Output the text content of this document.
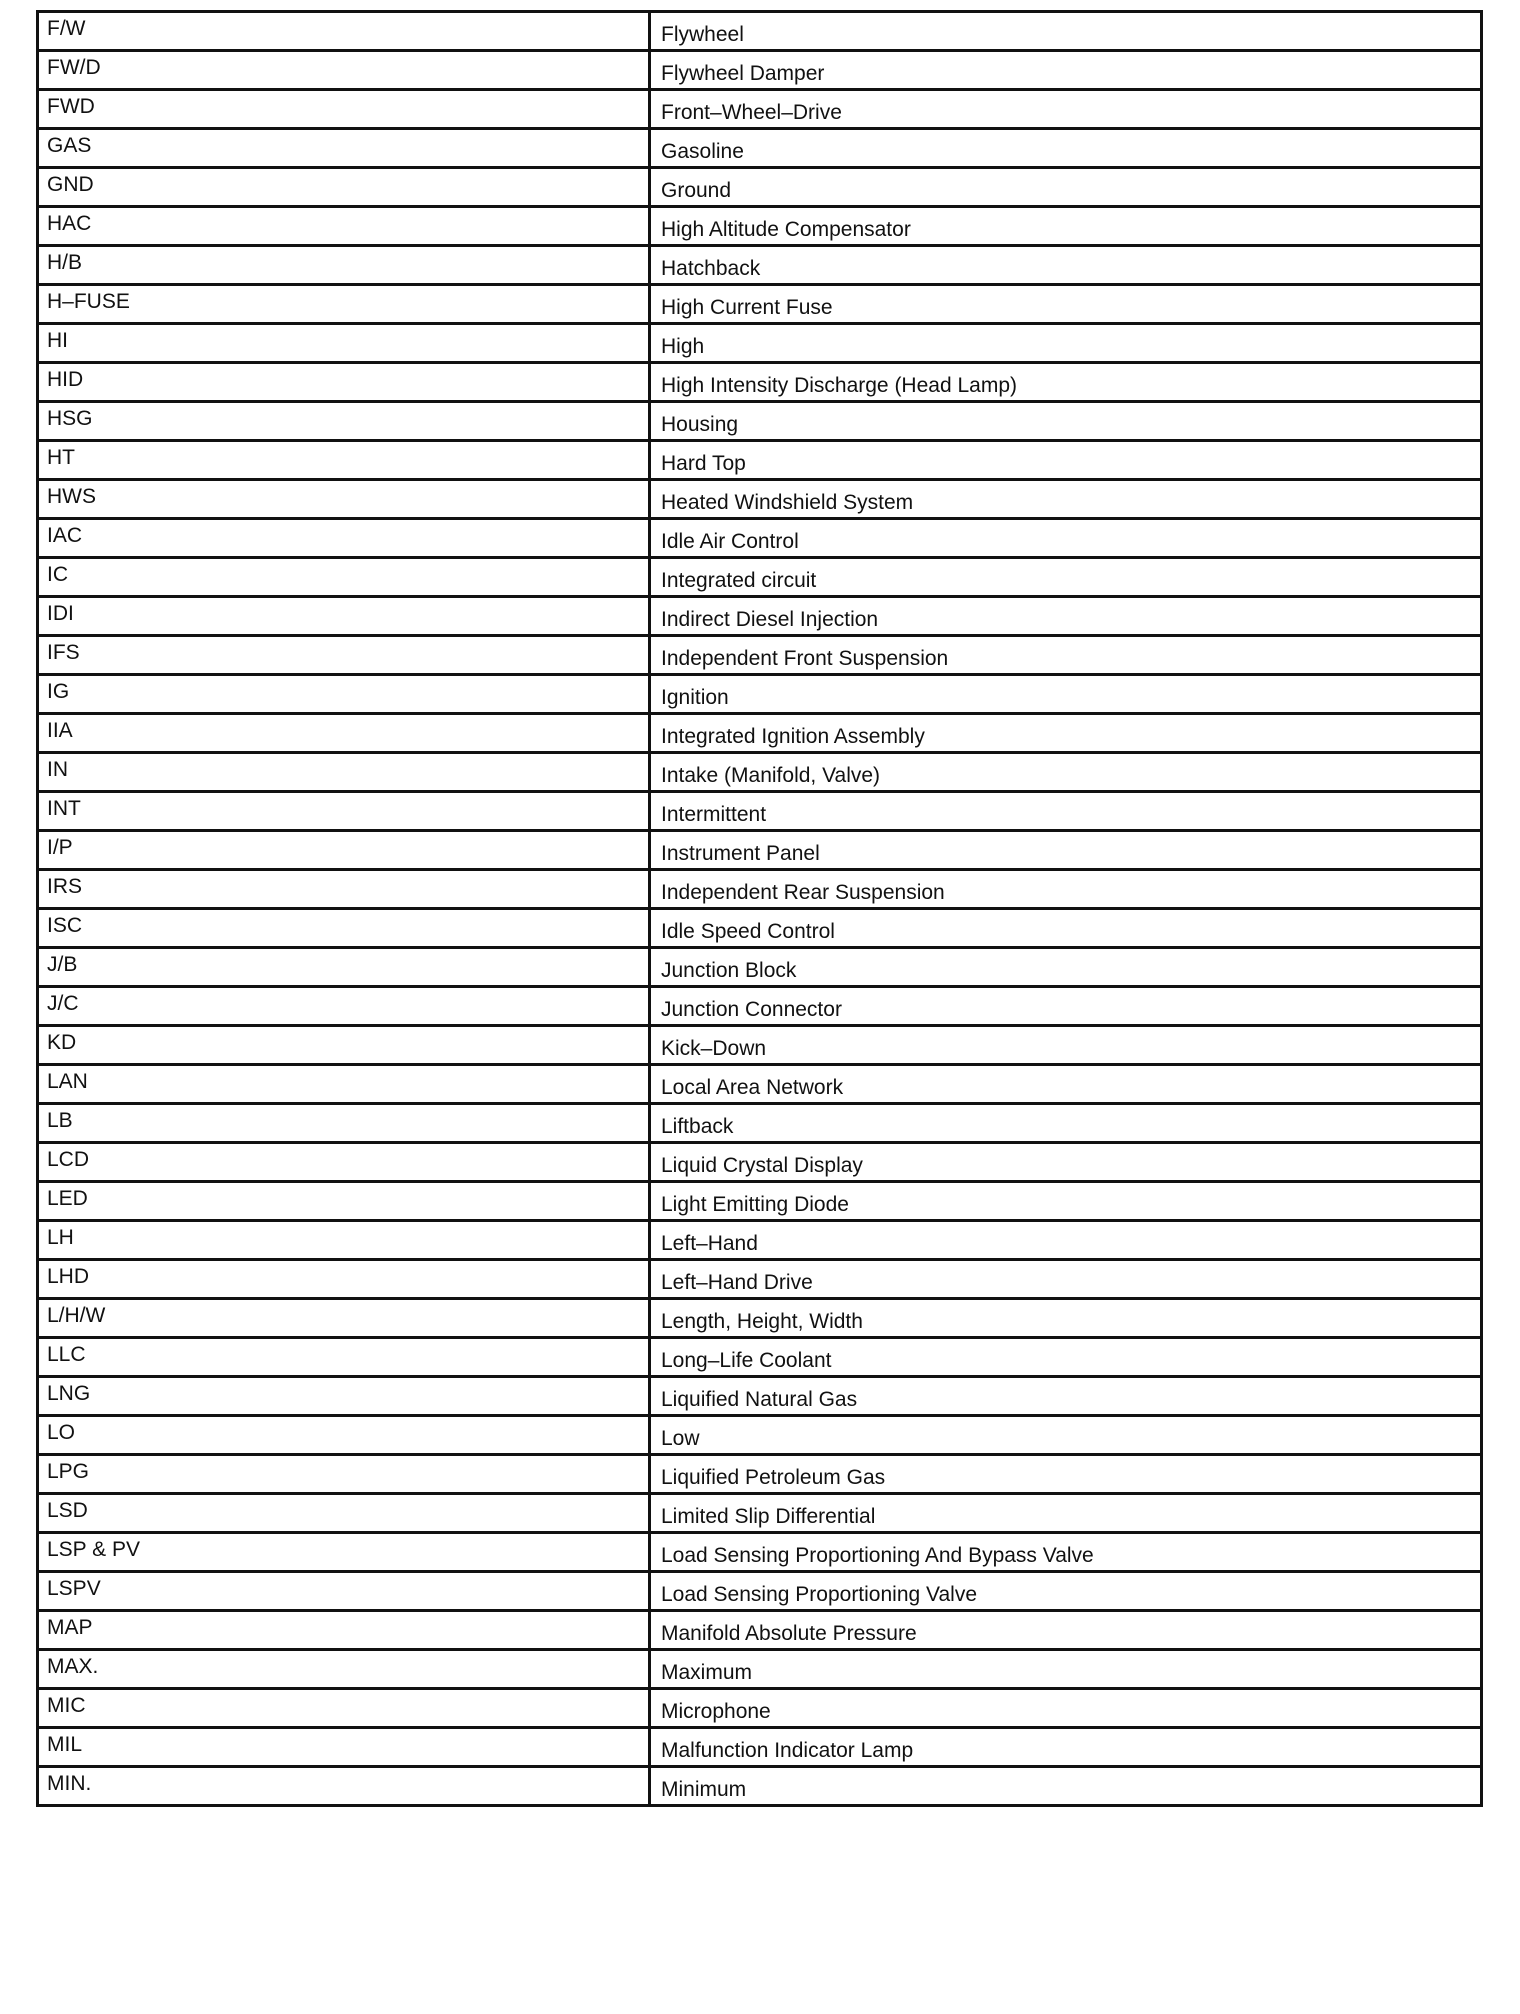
F/W	Flywheel
FW/D	Flywheel Damper
FWD	Front–Wheel–Drive
GAS	Gasoline
GND	Ground
HAC	High Altitude Compensator
H/B	Hatchback
H–FUSE	High Current Fuse
HI	High
HID	High Intensity Discharge (Head Lamp)
HSG	Housing
HT	Hard Top
HWS	Heated Windshield System
IAC	Idle Air Control
IC	Integrated circuit
IDI	Indirect Diesel Injection
IFS	Independent Front Suspension
IG	Ignition
IIA	Integrated Ignition Assembly
IN	Intake (Manifold, Valve)
INT	Intermittent
I/P	Instrument Panel
IRS	Independent Rear Suspension
ISC	Idle Speed Control
J/B	Junction Block
J/C	Junction Connector
KD	Kick–Down
LAN	Local Area Network
LB	Liftback
LCD	Liquid Crystal Display
LED	Light Emitting Diode
LH	Left–Hand
LHD	Left–Hand Drive
L/H/W	Length, Height, Width
LLC	Long–Life Coolant
LNG	Liquified Natural Gas
LO	Low
LPG	Liquified Petroleum Gas
LSD	Limited Slip Differential
LSP & PV	Load Sensing Proportioning And Bypass Valve
LSPV	Load Sensing Proportioning Valve
MAP	Manifold Absolute Pressure
MAX.	Maximum
MIC	Microphone
MIL	Malfunction Indicator Lamp
MIN.	Minimum
